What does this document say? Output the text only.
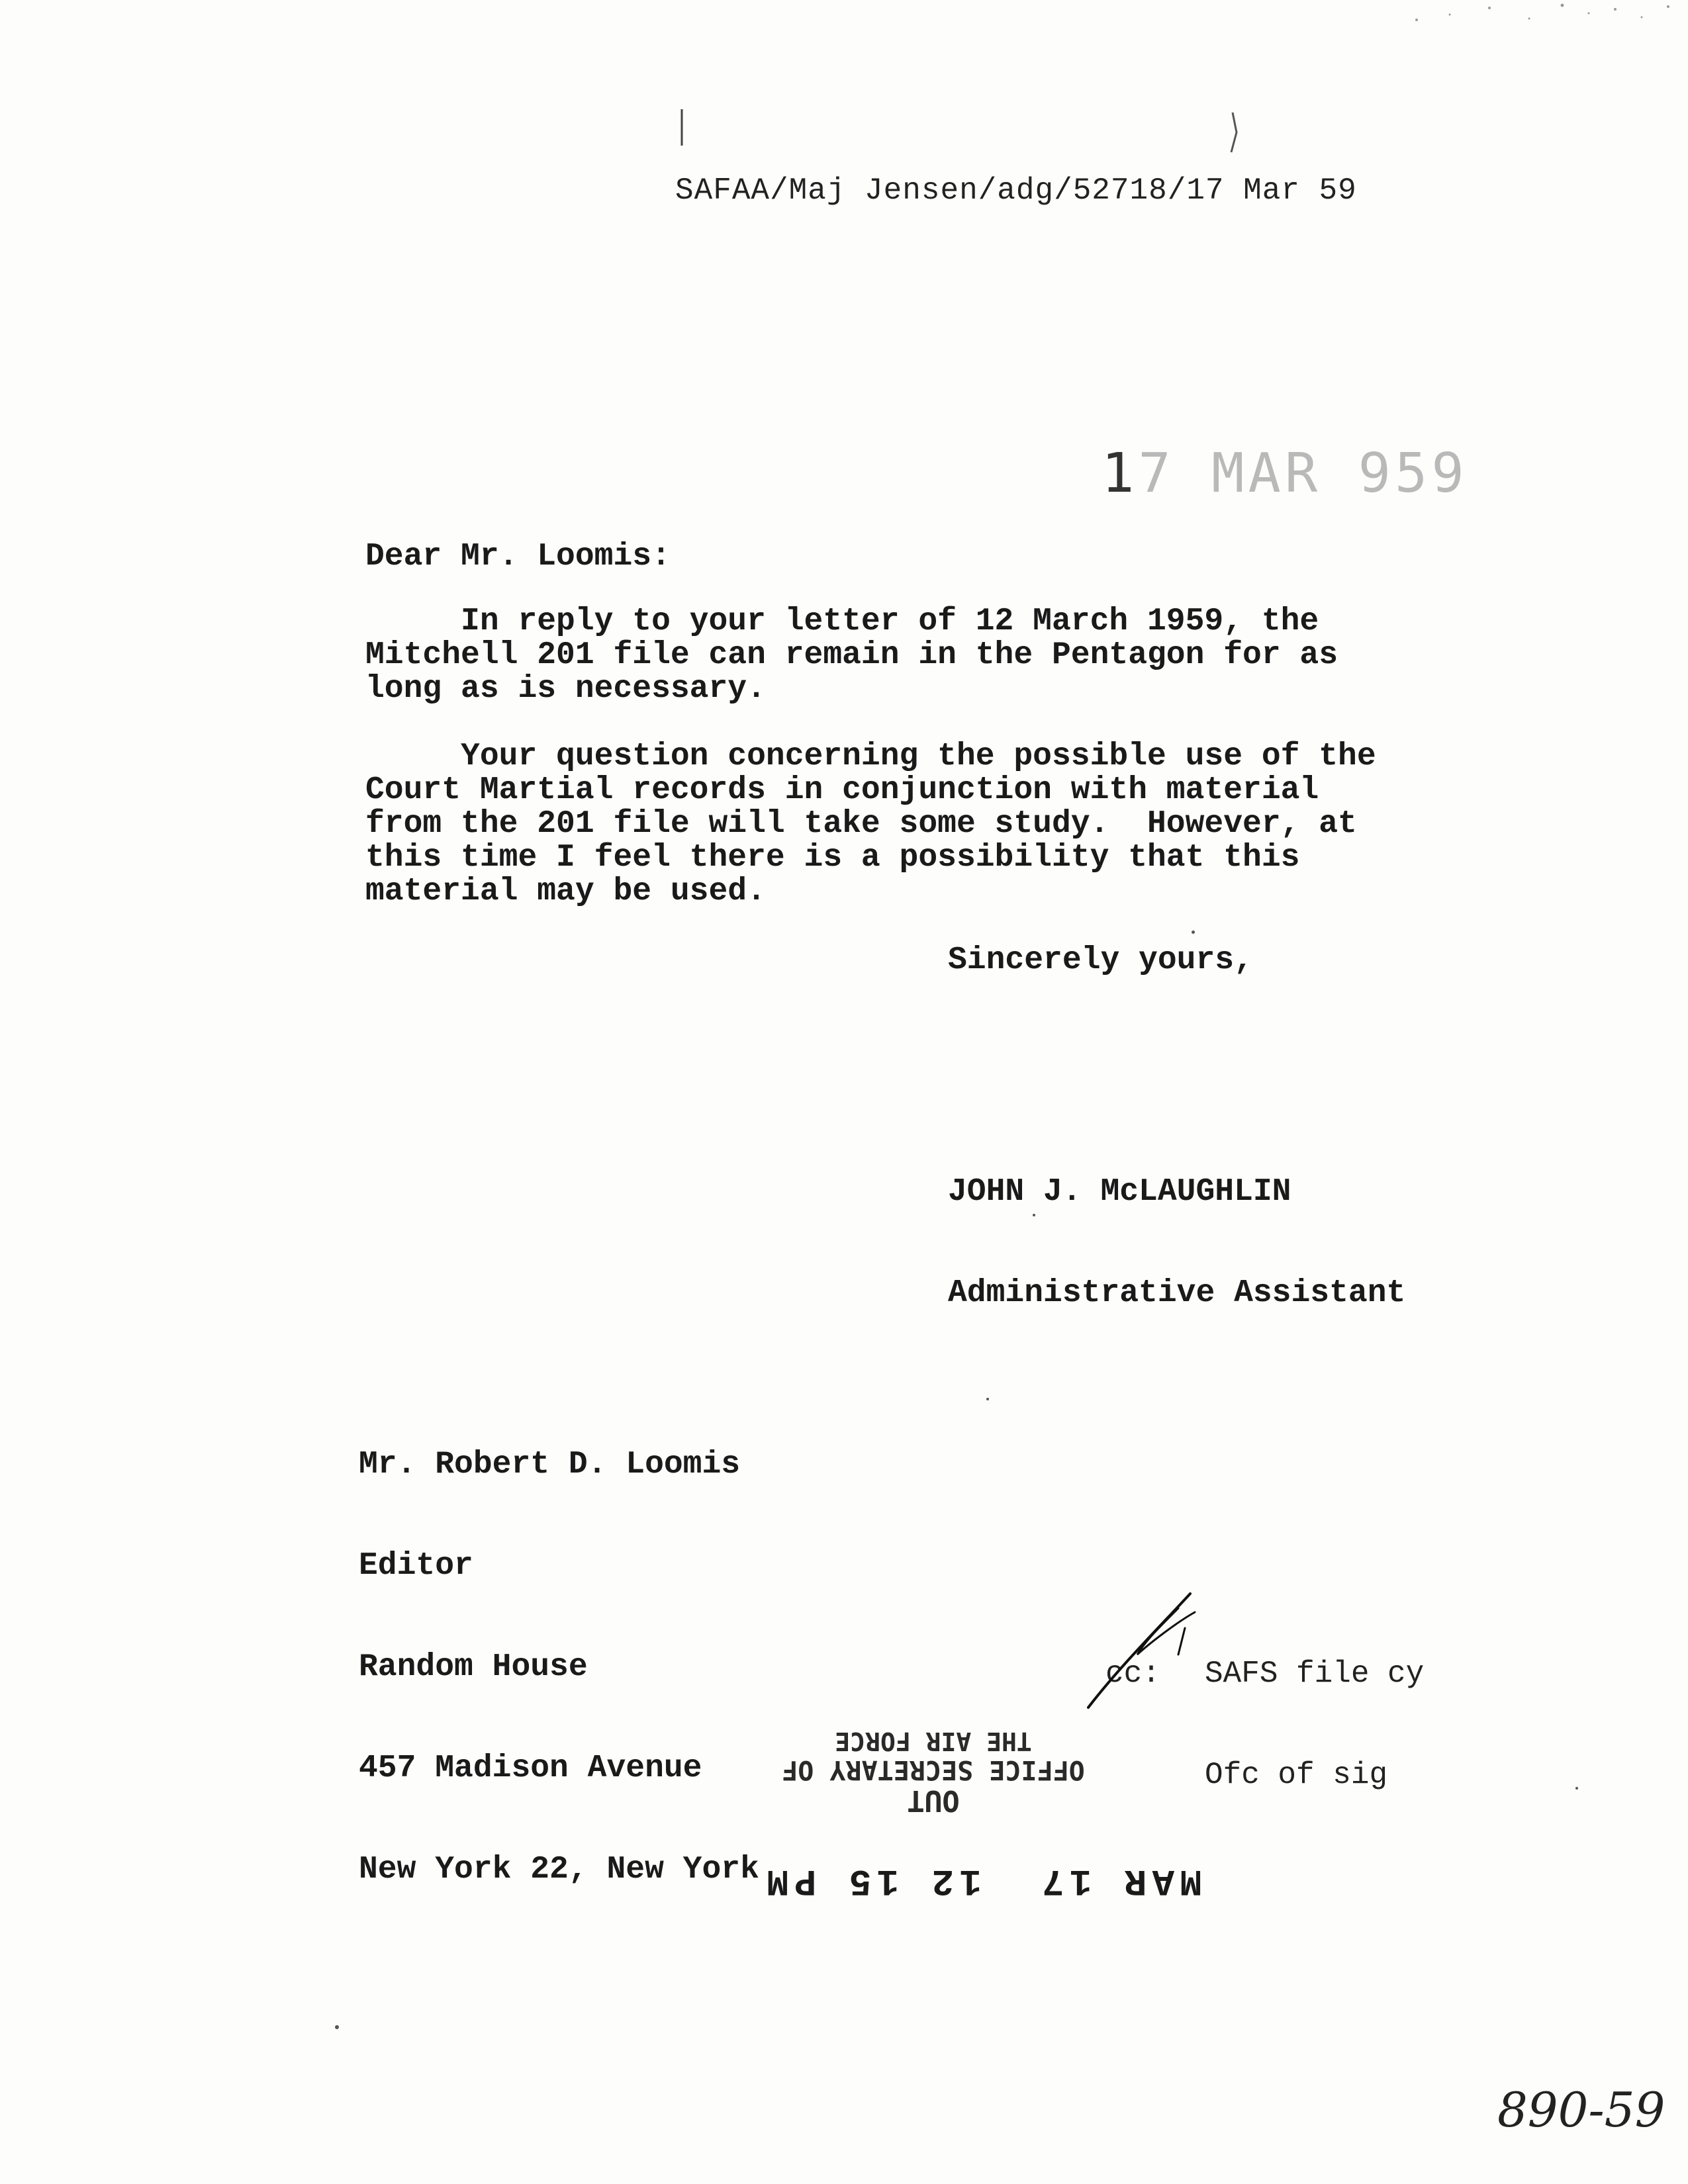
SAFAA/Maj Jensen/adg/52718/17 Mar 59
17 MAR 959
Dear Mr. Loomis:
In reply to your letter of 12 March 1959, the
Mitchell 201 file can remain in the Pentagon for as
long as is necessary.
Your question concerning the possible use of the
Court Martial records in conjunction with material
from the 201 file will take some study.  However, at
this time I feel there is a possibility that this
material may be used.
Sincerely yours,

JOHN J. McLAUGHLIN

Administrative Assistant

Mr. Robert D. Loomis

Editor

Random House

457 Madison Avenue

New York 22, New York

cc: SAFS file cy

Ofc of sig

OUT
OFFICE SECRETARY OF
THE AIR FORCE
MAR 17  12 15 PM
890-59
